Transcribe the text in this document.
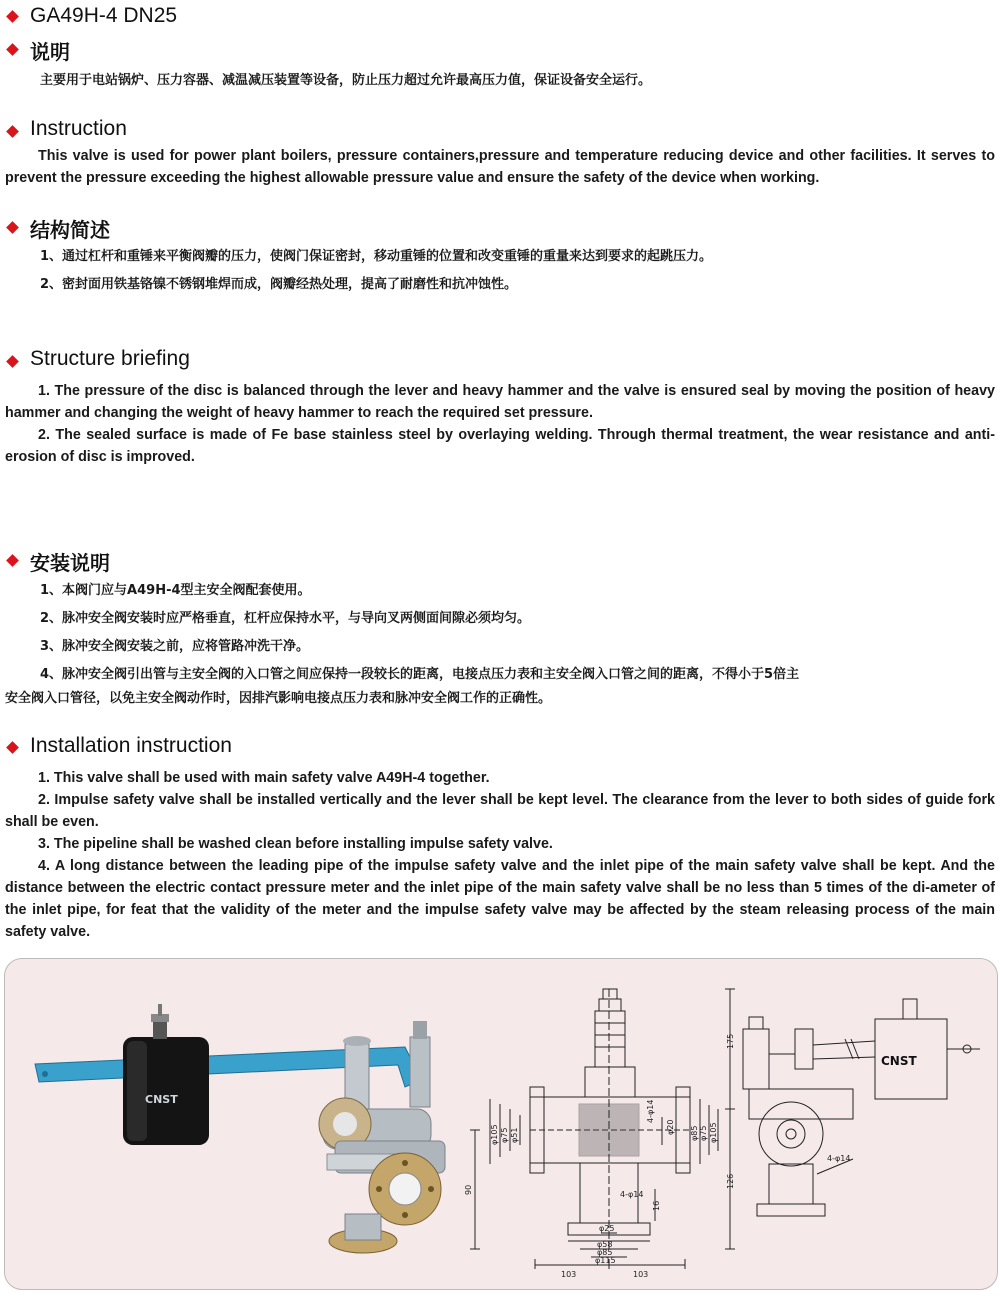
GA49H-4 DN25
说明
主要用于电站锅炉、压力容器、减温减压装置等设备，防止压力超过允许最高压力值，保证设备安全运行。
Instruction
This valve is used for power plant boilers, pressure containers,pressure and temperature reducing device and other facilities. It serves to prevent the pressure exceeding the highest allowable pressure value and ensure the safety of the device when working.
结构简述
1、通过杠杆和重锤来平衡阀瓣的压力，使阀门保证密封，移动重锤的位置和改变重锤的重量来达到要求的起跳压力。
2、密封面用铁基铬镍不锈钢堆焊而成，阀瓣经热处理，提高了耐磨性和抗冲蚀性。
Structure briefing
1. The pressure of the disc is balanced through the lever and heavy hammer and the valve is ensured seal by moving the position of heavy hammer and changing the weight of heavy hammer to reach the required set pressure.
2. The sealed surface is made of Fe base stainless steel by overlaying welding. Through thermal treatment, the wear resistance and anti-erosion of disc is improved.
安装说明
1、本阀门应与A49H-4型主安全阀配套使用。
2、脉冲安全阀安装时应严格垂直，杠杆应保持水平，与导向叉两侧面间隙必须均匀。
3、脉冲安全阀安装之前，应将管路冲洗干净。
4、脉冲安全阀引出管与主安全阀的入口管之间应保持一段较长的距离，电接点压力表和主安全阀入口管之间的距离，不得小于5倍主
安全阀入口管径，以免主安全阀动作时，因排汽影响电接点压力表和脉冲安全阀工作的正确性。
Installation instruction
1. This valve shall be used with main safety valve A49H-4 together.
2. Impulse safety valve shall be installed vertically and the lever shall be kept level. The clearance from the lever to both sides of guide fork shall be even.
3. The pipeline shall be washed clean before installing impulse safety valve.
4. A long distance between the leading pipe of the impulse safety valve and the inlet pipe of the main safety valve shall be kept. And the distance between the electric contact pressure meter and the inlet pipe of the main safety valve shall be no less than 5 times of the di-ameter of the inlet pipe, for feat that the validity of the meter and the impulse safety valve may be affected by the steam releasing process of the main safety valve.
CNST
175
126
90
16
103	103
φ25
φ58
φ85
φ115
φ51
φ75
φ105	φ20	φ75
φ85 φ105
4-φ14
4-φ14
CNST
4-φ14
